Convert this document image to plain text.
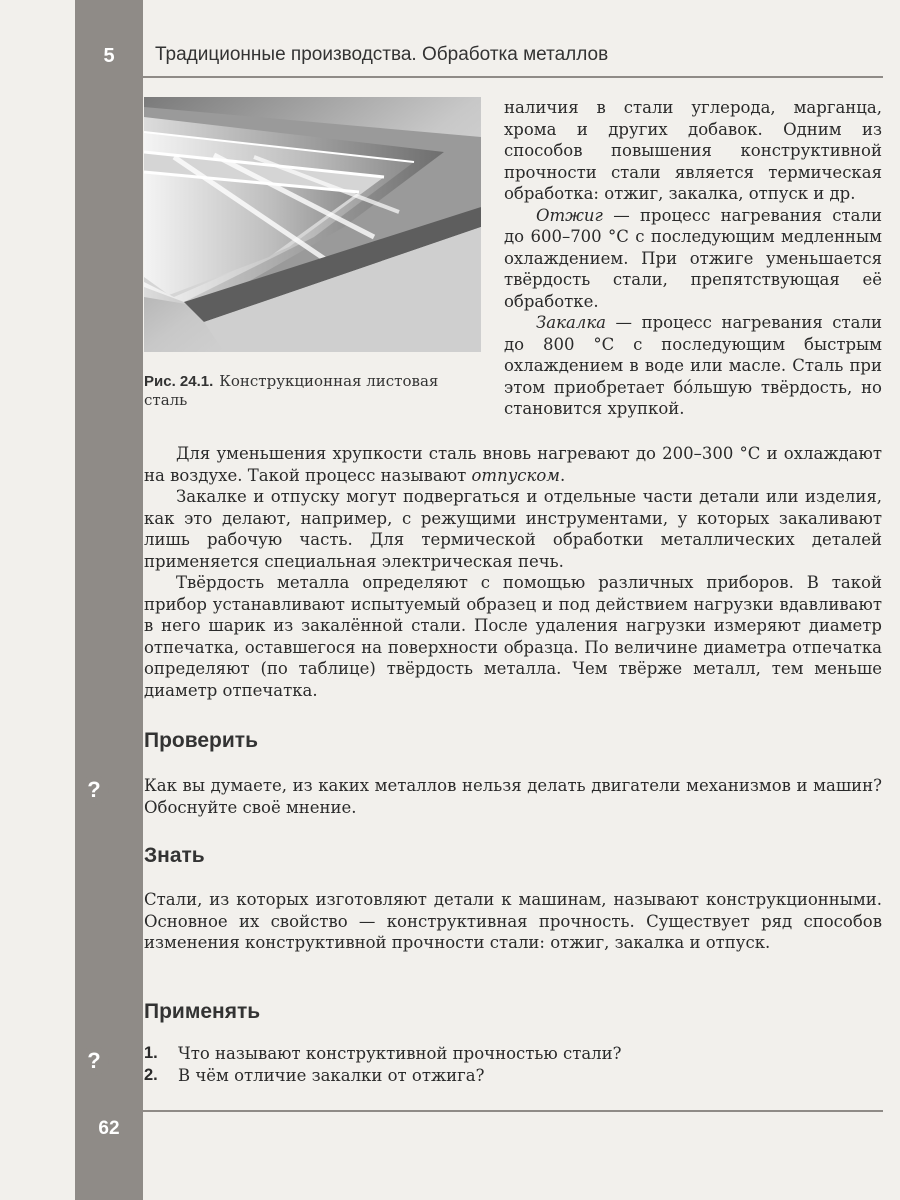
5	Традиционные производства. Обработка металлов
Рис. 24.1. Конструкционная листовая сталь

наличия в стали углерода, марганца, хрома и других добавок. Одним из способов повышения конструктивной прочности стали является термическая обработка: отжиг, закалка, отпуск и др.

Отжиг — процесс нагревания стали до 600–700 °С с последующим медленным охлаждением. При отжиге уменьшается твёрдость стали, препятствующая её обработке.

Закалка — процесс нагревания стали до 800 °С с последующим быстрым охлаждением в воде или масле. Сталь при этом приобретает бóльшую твёрдость, но становится хрупкой.

Для уменьшения хрупкости сталь вновь нагревают до 200–300 °С и охлаждают на воздухе. Такой процесс называют отпуском.

Закалке и отпуску могут подвергаться и отдельные части детали или изделия, как это делают, например, с режущими инструментами, у которых закаливают лишь рабочую часть. Для термической обработки металлических деталей применяется специальная электрическая печь.

Твёрдость металла определяют с помощью различных приборов. В такой прибор устанавливают испытуемый образец и под действием нагрузки вдавливают в него шарик из закалённой стали. После удаления нагрузки измеряют диаметр отпечатка, оставшегося на поверхности образца. По величине диаметра отпечатка определяют (по таблице) твёрдость металла. Чем твёрже металл, тем меньше диаметр отпечатка.

Проверить
?	Как вы думаете, из каких металлов нельзя делать двигатели механизмов и машин? Обоснуйте своё мнение.
Знать
Стали, из которых изготовляют детали к машинам, называют конструкционными. Основное их свойство — конструктивная прочность. Существует ряд способов изменения конструктивной прочности стали: отжиг, закалка и отпуск.
Применять
?	1.	Что называют конструктивной прочностью стали?

2.	В чём отличие закалки от отжига?

62
